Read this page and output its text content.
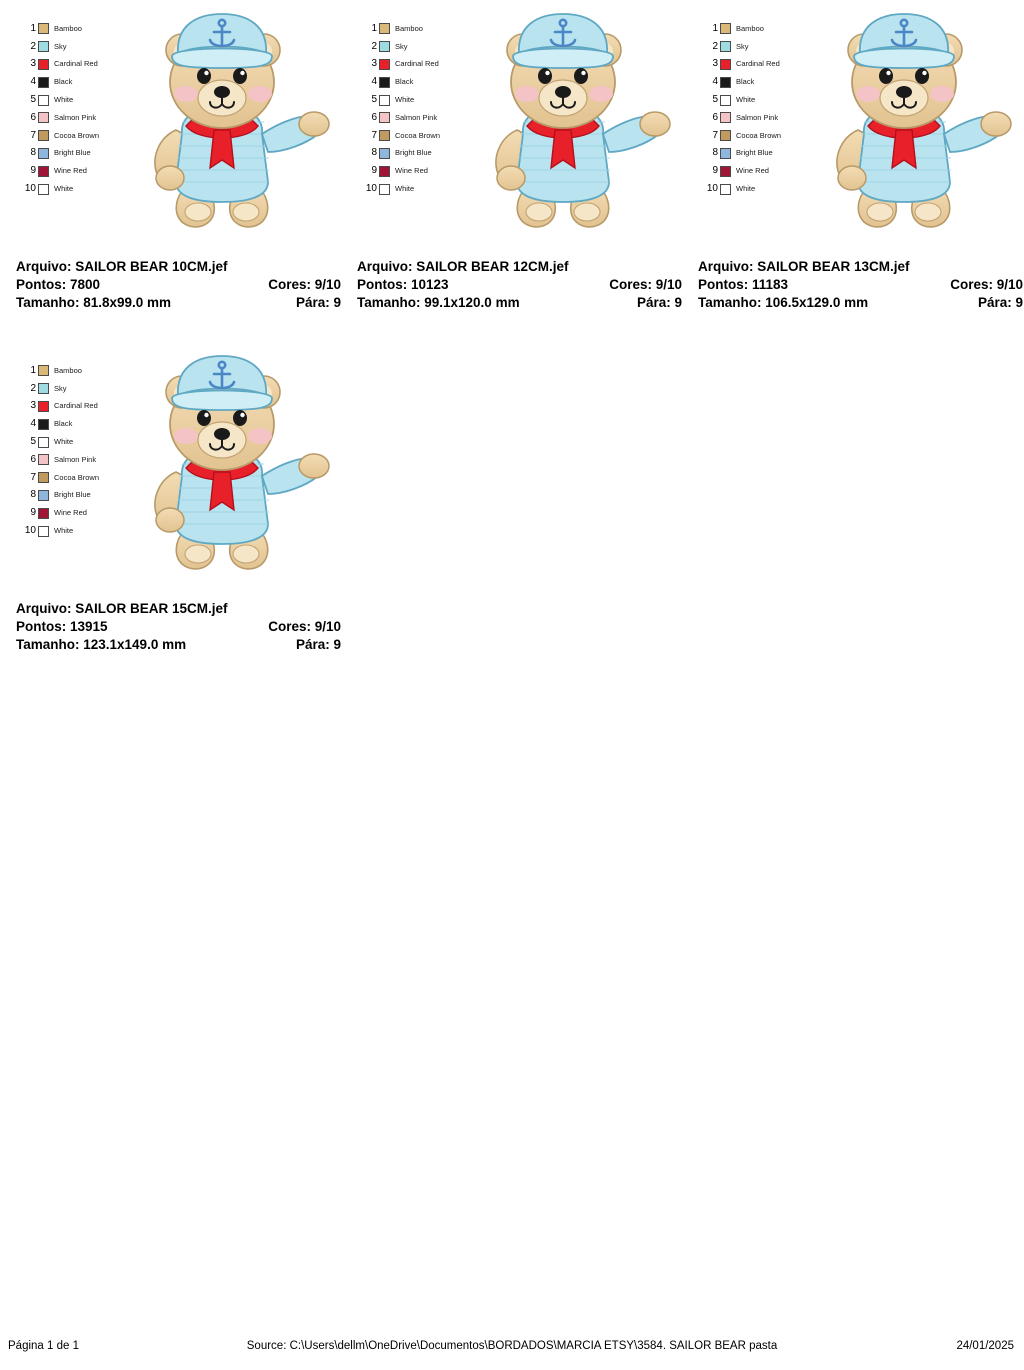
1	Bamboo
2	Sky
3	Cardinal Red
4	Black
5	White
6	Salmon Pink
7	Cocoa Brown
8	Bright Blue
9	Wine Red
10	White
Arquivo: SAILOR BEAR 10CM.jef
Pontos: 7800	Cores: 9/10
Tamanho: 81.8x99.0 mm	Pára: 9
1	Bamboo
2	Sky
3	Cardinal Red
4	Black
5	White
6	Salmon Pink
7	Cocoa Brown
8	Bright Blue
9	Wine Red
10	White
Arquivo: SAILOR BEAR 12CM.jef
Pontos: 10123	Cores: 9/10
Tamanho: 99.1x120.0 mm	Pára: 9
1	Bamboo
2	Sky
3	Cardinal Red
4	Black
5	White
6	Salmon Pink
7	Cocoa Brown
8	Bright Blue
9	Wine Red
10	White
Arquivo: SAILOR BEAR 13CM.jef
Pontos: 11183	Cores: 9/10
Tamanho: 106.5x129.0 mm	Pára: 9
1	Bamboo
2	Sky
3	Cardinal Red
4	Black
5	White
6	Salmon Pink
7	Cocoa Brown
8	Bright Blue
9	Wine Red
10	White
Arquivo: SAILOR BEAR 15CM.jef
Pontos: 13915	Cores: 9/10
Tamanho: 123.1x149.0 mm	Pára: 9
Página 1 de 1	Source: C:\Users\dellm\OneDrive\Documentos\BORDADOS\MARCIA ETSY\3584. SAILOR BEAR pasta	24/01/2025
